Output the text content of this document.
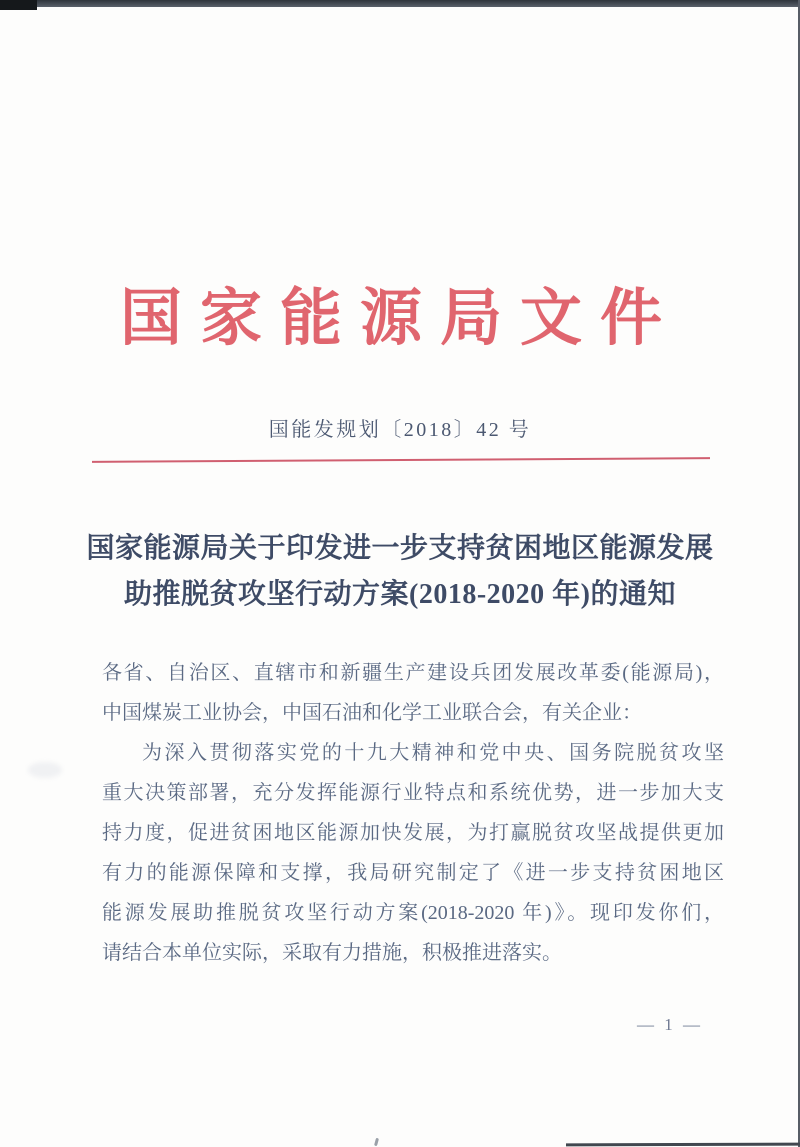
国家能源局文件
国能发规划〔2018〕42 号
国家能源局关于印发进一步支持贫困地区能源发展
助推脱贫攻坚行动方案(2018-2020 年)的通知
各省、自治区、直辖市和新疆生产建设兵团发展改革委(能源局)，
中国煤炭工业协会，中国石油和化学工业联合会，有关企业：
为深入贯彻落实党的十九大精神和党中央、国务院脱贫攻坚
重大决策部署，充分发挥能源行业特点和系统优势，进一步加大支
持力度，促进贫困地区能源加快发展，为打赢脱贫攻坚战提供更加
有力的能源保障和支撑，我局研究制定了《进一步支持贫困地区
能源发展助推脱贫攻坚行动方案(2018-2020 年)》。现印发你们，
请结合本单位实际，采取有力措施，积极推进落实。
— 1 —
